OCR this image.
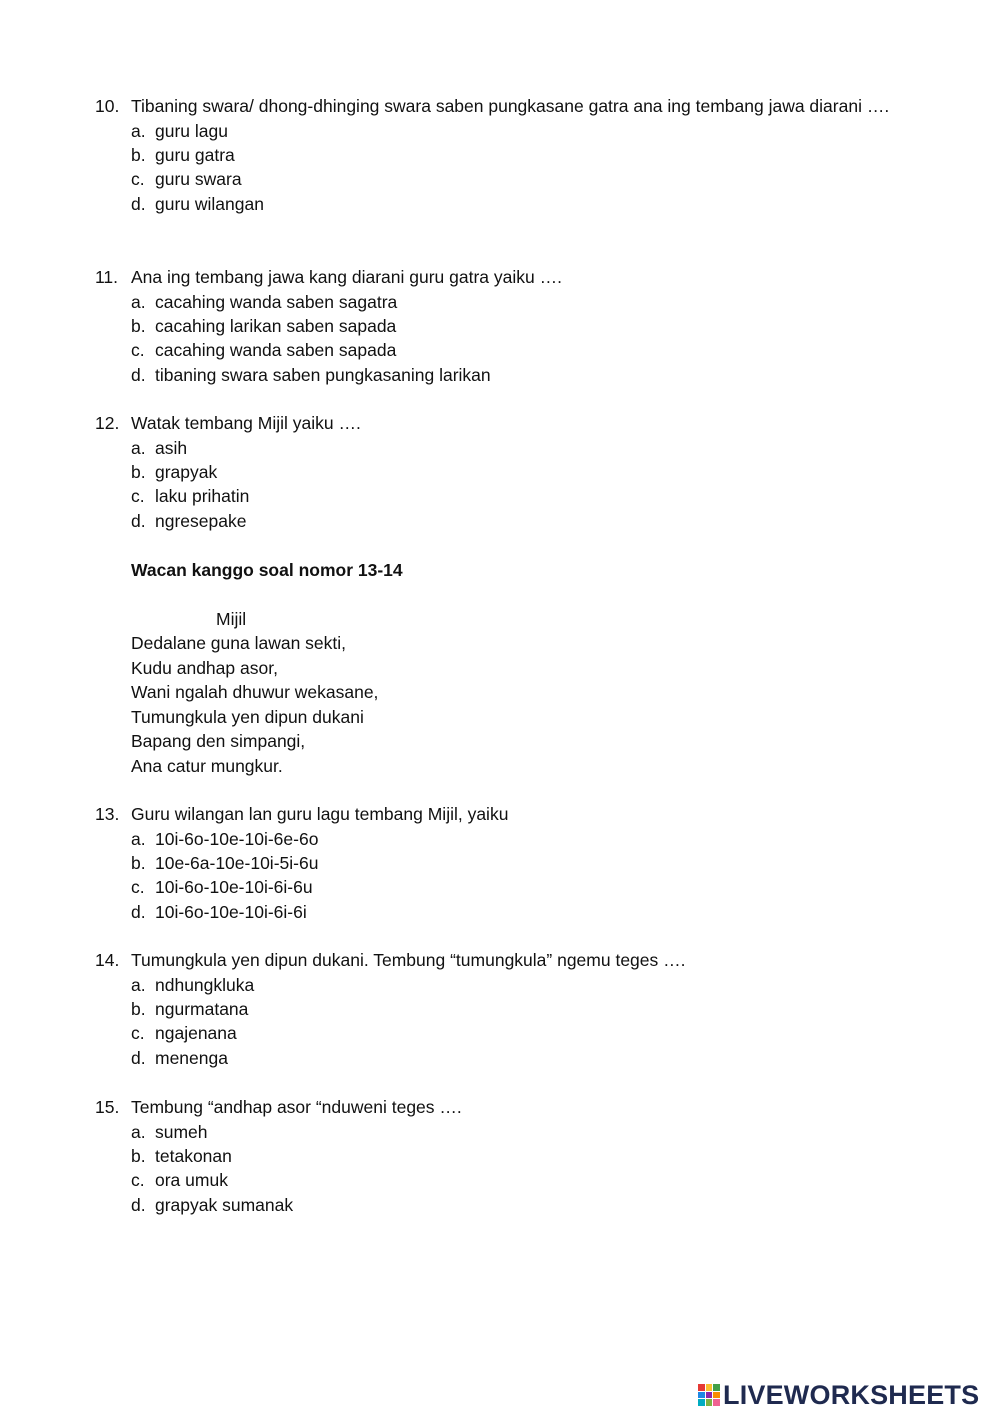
10. Tibaning swara/ dhong-dhinging swara saben pungkasane gatra ana ing tembang jawa diarani ….
a. guru lagu
b. guru gatra
c. guru swara
d. guru wilangan
11. Ana ing tembang jawa kang diarani guru gatra yaiku ….
a. cacahing wanda saben sagatra
b. cacahing larikan saben sapada
c. cacahing wanda saben sapada
d. tibaning swara saben pungkasaning larikan
12. Watak tembang Mijil yaiku ….
a. asih
b. grapyak
c. laku prihatin
d. ngresepake
Wacan kanggo soal nomor 13-14
Mijil
Dedalane guna lawan sekti,
Kudu andhap asor,
Wani ngalah dhuwur wekasane,
Tumungkula yen dipun dukani
Bapang den simpangi,
Ana catur mungkur.
13. Guru wilangan lan guru lagu tembang Mijil, yaiku
a. 10i-6o-10e-10i-6e-6o
b. 10e-6a-10e-10i-5i-6u
c. 10i-6o-10e-10i-6i-6u
d. 10i-6o-10e-10i-6i-6i
14. Tumungkula yen dipun dukani. Tembung “tumungkula” ngemu teges ….
a. ndhungkluka
b. ngurmatana
c. ngajenana
d. menenga
15. Tembung “andhap asor “nduweni teges ….
a. sumeh
b. tetakonan
c. ora umuk
d. grapyak sumanak
LIVEWORKSHEETS
